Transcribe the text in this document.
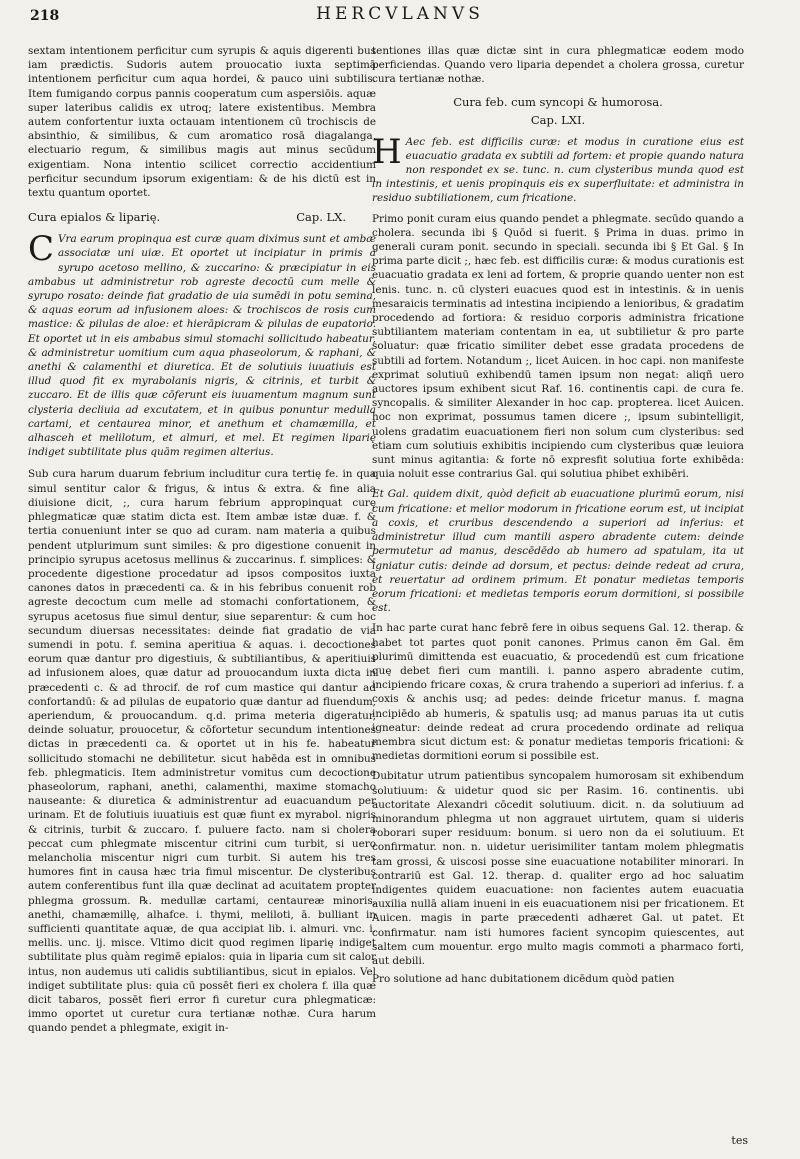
HERCVLANVS
218

sextam intentionem perficitur cum syrupis & aquis digerenti bus iam prædictis. Sudoris autem prouocatio iuxta septimā intentionem perficitur cum aqua hordei, & pauco uini subtilis. Item fumigando corpus pannis cooperatum cum aspersiōis. aquæ super lateribus calidis ex utroq; latere existentibus. Membra autem confortentur iuxta octauam intentionem cū trochiscis de absinthio, & similibus, & cum aromatico rosā diagalanga, electuario regum, & similibus magis aut minus secūdum exigentiam. Nona intentio scilicet correctio accidentium perficitur secundum ipsorum exigentiam: & de his dictū est in textu quantum oportet.

Cura epialos & liparię.	Cap. LX.

C Vra earum propinqua est curæ quam diximus sunt et ambæ associatæ uni uiæ. Et oportet ut incipiatur in primis a syrupo acetoso mellino, & zuccarino: & præcipiatur in eis ambabus ut administretur rob agreste decoctū cum melle & syrupo rosato: deinde fiat gradatio de uia sumēdi in potu semina, & aquas eorum ad infusionem aloes: & trochiscos de rosis cum mastice: & pilulas de aloe: et hierāpicram & pilulas de eupatorio. Et oportet ut in eis ambabus simul stomachi sollicitudo habeatur, & administretur uomitium cum aqua phaseolorum, & raphani, & anethi & calamenthi et diuretica. Et de solutiuis iuuatiuis est illud quod fit ex myrabolanis nigris, & citrinis, et turbit & zuccaro. Et de illis quæ cōferunt eis iuuamentum magnum sunt clysteria decliuia ad excutatem, et in quibus ponuntur medulla cartami, et centaurea minor, et anethum et chamæmilla, et alhasceh et melilotum, et almuri, et mel. Et regimen liparię indiget subtilitate plus quām regimen alterius.

Sub cura harum duarum febrium includitur cura tertię fe. in qua simul sentitur calor & frigus, & intus & extra. & fine alia diuisione dicit, ;, cura harum febrium appropinquat curę phlegmaticæ quæ statim dicta est. Item ambæ istæ duæ. f. & tertia conueniunt inter se quo ad curam. nam materia a quibus pendent utplurimum sunt similes: & pro digestione conuenit in principio syrupus acetosus mellinus & zuccarinus. f. simplices: & procedente digestione procedatur ad ipsos compositos iuxta canones datos in præcedenti ca. & in his febribus conuenit rob agreste decoctum cum melle ad stomachi confortationem, & syrupus acetosus fiue simul dentur, siue separentur: & cum hoc secundum diuersas necessitates: deinde fiat gradatio de via sumendi in potu. f. semina aperitiua & aquas. i. decoctiones eorum quæ dantur pro digestiuis, & subtiliantibus, & aperitiuis ad infusionem aloes, quæ datur ad prouocandum iuxta dicta in præcedenti c. & ad throcif. de rof cum mastice qui dantur ad confortandū: & ad pilulas de eupatorio quæ dantur ad fluendum, aperiendum, & prouocandum. q.d. prima meteria digeratur, deinde soluatur, prouocetur, & cōfortetur secundum intentiones dictas in præcedenti ca. & oportet ut in his fe. habeatur sollicitudo stomachi ne debilitetur. sicut habēda est in omnibus feb. phlegmaticis. Item administretur vomitus cum decoctione phaseolorum, raphani, anethi, calamenthi, maxime stomacho nauseante: & diuretica & administrentur ad euacuandum per urinam. Et de folutiuis iuuatiuis est quæ fiunt ex myrabol. nigris & citrinis, turbit & zuccaro. f. puluere facto. nam si cholera peccat cum phlegmate miscentur citrini cum turbit, si uero melancholia miscentur nigri cum turbit. Si autem his tres humores fint in causa hæc tria fimul miscentur. De clysteribus autem conferentibus funt illa quæ declinat ad acuitatem propter phlegma grossum. ℞. medullæ cartami, centaureæ minoris, anethi, chamæmillę, alhafce. i. thymi, meliloti, ā. bulliant in sufficienti quantitate aquæ, de qua accipiat lib. i. almuri. vnc. i. mellis. unc. ij. misce. Vltimo dicit quod regimen liparię indiget subtilitate plus quàm regimē epialos: quia in liparia cum sit calor intus, non audemus uti calidis subtiliantibus, sicut in epialos. Vel indiget subtilitate plus: quia cū possēt fieri ex cholera f. illa quæ dicit tabaros, possēt fieri error fi curetur cura phlegmaticæ: immo oportet ut curetur cura tertianæ nothæ. Cura harum quando pendet a phlegmate, exigit in-

tentiones illas quæ dictæ sint in cura phlegmaticæ eodem modo perficiendas. Quando vero liparia dependet a cholera grossa, curetur cura tertianæ nothæ.

Cura feb. cum syncopi & humorosa.
Cap. LXI.

H Aec feb. est difficilis curæ: et modus in curatione eius est euacuatio gradata ex subtili ad fortem: et propie quando natura non respondet ex se. tunc. n. cum clysteribus munda quod est in intestinis, et uenis propinquis eis ex superfluitate: et administra in residuo subtiliationem, cum fricatione.

Primo ponit curam eius quando pendet a phlegmate. secūdo quando a cholera. secunda ibi § Quōd si fuerit. § Prima in duas. primo in generali curam ponit. secundo in speciali. secunda ibi § Et Gal. § In prima parte dicit ;, hæc feb. est difficilis curæ: & modus curationis est euacuatio gradata ex leni ad fortem, & proprie quando uenter non est lenis. tunc. n. cū clysteri euacues quod est in intestinis. & in uenis mesaraicis terminatis ad intestina incipiendo a lenioribus, & gradatim procedendo ad fortiora: & residuo corporis administra fricatione subtiliantem materiam contentam in ea, ut subtilietur & pro parte soluatur: quæ fricatio similiter debet esse gradata procedens de subtili ad fortem. Notandum ;, licet Auicen. in hoc capi. non manifeste exprimat solutiuū exhibendū tamen ipsum non negat: aliqñ uero auctores ipsum exhibent sicut Raf. 16. continentis capi. de cura fe. syncopalis. & similiter Alexander in hoc cap. propterea. licet Auicen. hoc non exprimat, possumus tamen dicere ;, ipsum subintelligit, uolens gradatim euacuationem fieri non solum cum clysteribus: sed etiam cum solutiuis exhibitis incipiendo cum clysteribus quæ leuiora sunt minus agitantia: & forte nō expresfit solutiua forte exhibēda: quia noluit esse contrarius Gal. qui solutiua phibet exhibēri.

Et Gal. quidem dixit, quòd deficit ab euacuatione plurimū eorum, nisi cum fricatione: et melior modorum in fricatione eorum est, ut incipiat a coxis, et cruribus descendendo a superiori ad inferius: et administretur illud cum mantili aspero abradente cutem: deinde permutetur ad manus, descēdēdo ab humero ad spatulam, ita ut igniatur cutis: deinde ad dorsum, et pectus: deinde redeat ad crura, et reuertatur ad ordinem primum. Et ponatur medietas temporis eorum fricationi: et medietas temporis eorum dormitioni, si possibile est.

In hac parte curat hanc febrē fere in oibus sequens Gal. 12. therap. & habet tot partes quot ponit canones. Primus canon ēm Gal. ēm plurimū dimittenda est euacuatio, & procedendū est cum fricatione quę debet fieri cum mantili. i. panno aspero abradente cutim, incipiendo fricare coxas, & crura trahendo a superiori ad inferius. f. a coxis & anchis usq; ad pedes: deinde fricetur manus. f. magna incipiēdo ab humeris, & spatulis usq; ad manus paruas ita ut cutis igneatur: deinde redeat ad crura procedendo ordinate ad reliqua membra sicut dictum est: & ponatur medietas temporis fricationi: & medietas dormitioni eorum si possibile est.

Dubitatur utrum patientibus syncopalem humorosam sit exhibendum solutiuum: & uidetur quod sic per Rasim. 16. continentis. ubi auctoritate Alexandri cōcedit solutiuum. dicit. n. da solutiuum ad minorandum phlegma ut non aggrauet uirtutem, quam si uideris roborari super residuum: bonum. si uero non da ei solutiuum. Et confirmatur. non. n. uidetur uerisimiliter tantam molem phlegmatis tam grossi, & uiscosi posse sine euacuatione notabiliter minorari. In contrariū est Gal. 12. therap. d. qualiter ergo ad hoc saluatim indigentes quidem euacuatione: non facientes autem euacuatia auxilia nullā aliam inueni in eis euacuationem nisi per fricationem. Et Auicen. magis in parte præcedenti adhæret Gal. ut patet. Et confirmatur. nam isti humores facient syncopim quiescentes, aut saltem cum mouentur. ergo multo magis commoti a pharmaco forti, aut debili.

Pro solutione ad hanc dubitationem dicēdum quòd patien

tes
